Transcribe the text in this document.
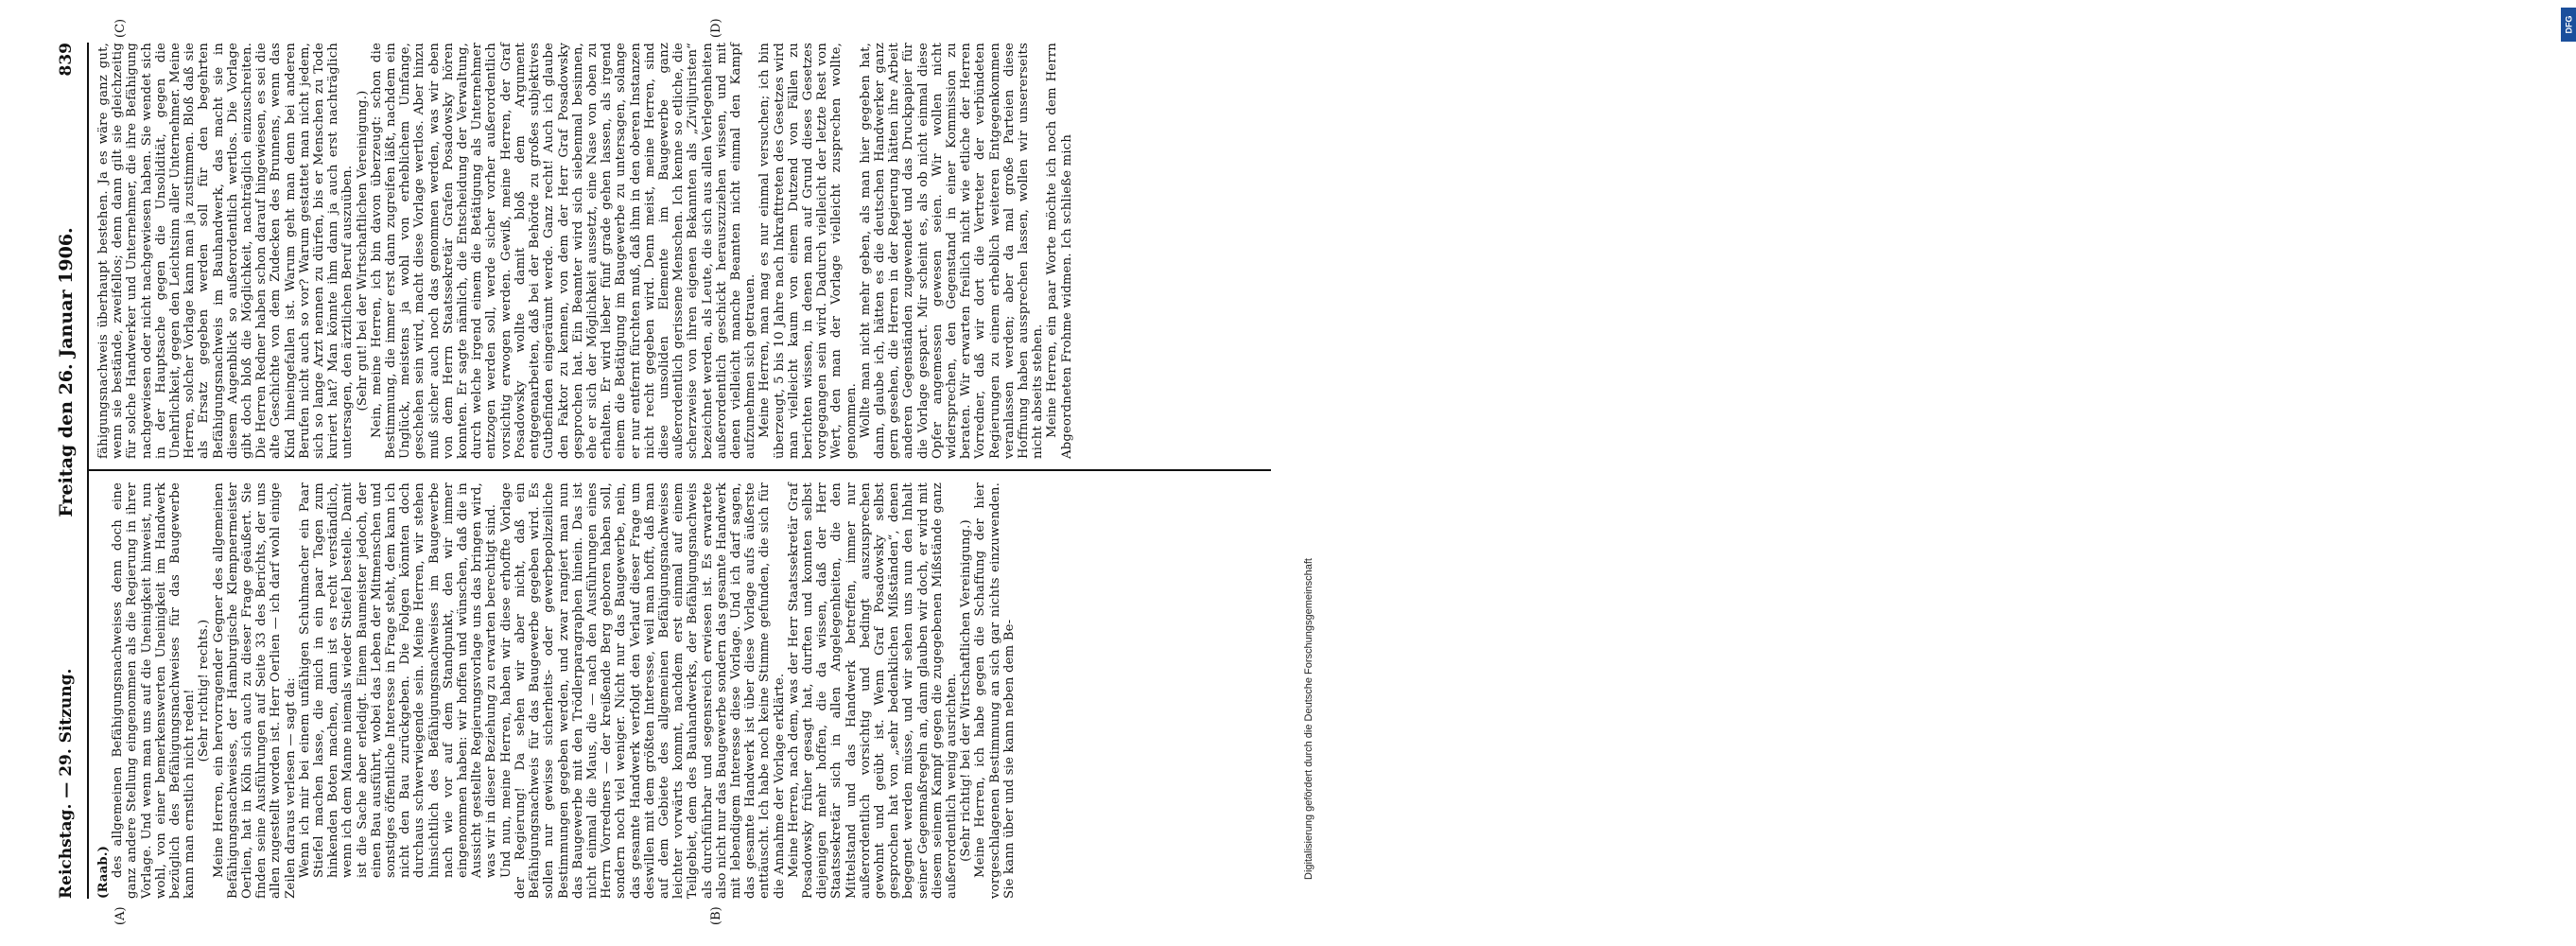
Reichstag. — 29. Sitzung.
Freitag den 26. Januar 1906.
839

(Raab.) des allgemeinen Befähigungsnachweises denn doch eine ganz andere Stellung eingenommen als die Regierung in ihrer Vorlage. Und wenn man uns auf die Uneinigkeit hinweist, nun wohl, von einer bemerkenswerten Uneinigkeit im Handwerk bezüglich des Befähigungsnachweises für das Baugewerbe kann man ernstlich nicht reden! (Sehr richtig! rechts.) Meine Herren, ein hervorragender Gegner des allgemeinen Befähigungsnachweises, der Hamburgische Klempnermeister Oerlien, hat in Köln sich auch zu dieser Frage geäußert. Sie finden seine Ausführungen auf Seite 33 des Berichts, der uns allen zugestellt worden ist. Herr Oerlien — ich darf wohl einige Zeilen daraus verlesen — sagt da: Wenn ich mir bei einem unfähigen Schuhmacher ein Paar Stiefel machen lasse, die mich in ein paar Tagen zum hinkenden Boten machen, dann ist es recht verständlich, wenn ich dem Manne niemals wieder Stiefel bestelle. Damit ist die Sache aber erledigt. Einem Baumeister jedoch, der einen Bau ausführt, wobei das Leben der Mitmenschen und sonstiges öffentliche Interesse in Frage steht, dem kann ich nicht den Bau zurückgeben. Die Folgen könnten doch durchaus schwerwiegende sein. Meine Herren, wir stehen hinsichtlich des Befähigungsnachweises im Baugewerbe nach wie vor auf dem Standpunkt, den wir immer eingenommen haben: wir hoffen und wünschen, daß die in Aussicht gestellte Regierungsvorlage uns das bringen wird, was wir in dieser Beziehung zu erwarten berechtigt sind. Und nun, meine Herren, haben wir diese erhoffte Vorlage der Regierung! Da sehen wir aber nicht, daß ein Befähigungsnachweis für das Baugewerbe gegeben wird. Es sollen nur gewisse sicherheits- oder gewerbepolizeiliche Bestimmungen gegeben werden, und zwar rangiert man nun das Baugewerbe mit den Trödlerparagraphen hinein. Das ist nicht einmal die Maus, die — nach den Ausführungen eines Herrn Vorredners — der kreißende Berg geboren haben soll, sondern noch viel weniger. Nicht nur das Baugewerbe, nein, das gesamte Handwerk verfolgt den Verlauf dieser Frage um deswillen mit dem größten Interesse, weil man hofft, daß man auf dem Gebiete des allgemeinen Befähigungsnachweises leichter vorwärts kommt, nachdem erst einmal auf einem Teilgebiet, dem des Bauhandwerks, der Befähigungsnachweis als durchführbar und segensreich erwiesen ist. Es erwartete also nicht nur das Baugewerbe sondern das gesamte Handwerk mit lebendigem Interesse diese Vorlage. Und ich darf sagen, das gesamte Handwerk ist über diese Vorlage aufs äußerste enttäuscht. Ich habe noch keine Stimme gefunden, die sich für die Annahme der Vorlage erklärte. Meine Herren, nach dem, was der Herr Staatssekretär Graf Posadowsky früher gesagt hat, durften und konnten selbst diejenigen mehr hoffen, die da wissen, daß der Herr Staatssekretär sich in allen Angelegenheiten, die den Mittelstand und das Handwerk betreffen, immer nur außerordentlich vorsichtig und bedingt auszusprechen gewohnt und geübt ist. Wenn Graf Posadowsky selbst gesprochen hat von „sehr bedenklichen Mißständen“, denen begegnet werden müsse, und wir sehen uns nun den Inhalt seiner Gegenmaßregeln an, dann glauben wir doch, er wird mit diesem seinem Kampf gegen die zugegebenen Mißstände ganz außerordentlich wenig ausrichten. (Sehr richtig! bei der Wirtschaftlichen Vereinigung.) Meine Herren, ich habe gegen die Schaffung der hier vorgeschlagenen Bestimmung an sich gar nichts einzuwenden. Sie kann über und sie kann neben dem Be-

fähigungsnachweis überhaupt bestehen. Ja es wäre ganz gut, wenn sie bestände, zweifellos; denn dann gilt sie gleichzeitig für solche Handwerker und Unternehmer, die ihre Befähigung nachgewiesen oder nicht nachgewiesen haben. Sie wendet sich in der Hauptsache gegen die Unsolidität, gegen die Unehrlichkeit, gegen den Leichtsinn aller Unternehmer. Meine Herren, solcher Vorlage kann man ja zustimmen. Bloß daß sie als Ersatz gegeben werden soll für den begehrten Befähigungsnachweis im Bauhandwerk, das macht sie in diesem Augenblick so außerordentlich wertlos. Die Vorlage gibt doch bloß die Möglichkeit, nachträglich einzuschreiten. Die Herren Redner haben schon darauf hingewiesen, es sei die alte Geschichte von dem Zudecken des Brunnens, wenn das Kind hineingefallen ist. Warum geht man denn bei anderen Berufen nicht auch so vor? Warum gestattet man nicht jedem, sich so lange Arzt nennen zu dürfen, bis er Menschen zu Tode kuriert hat? Man könnte ihm dann ja auch erst nachträglich untersagen, den ärztlichen Beruf auszuüben. (Sehr gut! bei der Wirtschaftlichen Vereinigung.) Nein, meine Herren, ich bin davon überzeugt: schon die Bestimmung, die immer erst dann zugreifen läßt, nachdem ein Unglück, meistens ja wohl von erheblichem Umfange, geschehen sein wird, macht diese Vorlage wertlos. Aber hinzu muß sicher auch noch das genommen werden, was wir eben von dem Herrn Staatssekretär Grafen Posadowsky hören konnten. Er sagte nämlich, die Entscheidung der Verwaltung, durch welche irgend einem die Betätigung als Unternehmer entzogen werden soll, werde sicher vorher außerordentlich vorsichtig erwogen werden. Gewiß, meine Herren, der Graf Posadowsky wollte damit bloß dem Argument entgegenarbeiten, daß bei der Behörde zu großes subjektives Gutbefinden eingeräumt werde. Ganz recht! Auch ich glaube den Faktor zu kennen, von dem der Herr Graf Posadowsky gesprochen hat. Ein Beamter wird sich siebenmal besinnen, ehe er sich der Möglichkeit aussetzt, eine Nase von oben zu erhalten. Er wird lieber fünf grade gehen lassen, als irgend einem die Betätigung im Baugewerbe zu untersagen, solange er nur entfernt fürchten muß, daß ihm in den oberen Instanzen nicht recht gegeben wird. Denn meist, meine Herren, sind diese unsoliden Elemente im Baugewerbe ganz außerordentlich gerissene Menschen. Ich kenne so etliche, die scherzweise von ihren eigenen Bekannten als „Ziviljuristen“ bezeichnet werden, als Leute, die sich aus allen Verlegenheiten außerordentlich geschickt herauszuziehen wissen, und mit denen vielleicht manche Beamten nicht einmal den Kampf aufzunehmen sich getrauen. Meine Herren, man mag es nur einmal versuchen; ich bin überzeugt, 5 bis 10 Jahre nach Inkrafttreten des Gesetzes wird man vielleicht kaum von einem Dutzend von Fällen zu berichten wissen, in denen man auf Grund dieses Gesetzes vorgegangen sein wird. Dadurch vielleicht der letzte Rest von Wert, den man der Vorlage vielleicht zusprechen wollte, genommen. Wollte man nicht mehr geben, als man hier gegeben hat, dann, glaube ich, hätten es die deutschen Handwerker ganz gern gesehen, die Herren in der Regierung hätten ihre Arbeit anderen Gegenständen zugewendet und das Druckpapier für die Vorlage gespart. Mir scheint es, als ob nicht einmal diese Opfer angemessen gewesen seien. Wir wollen nicht widersprechen, den Gegenstand in einer Kommission zu beraten. Wir erwarten freilich nicht wie etliche der Herren Vorredner, daß wir dort die Vertreter der verbündeten Regierungen zu einem erheblich weiteren Entgegenkommen veranlassen werden; aber da mal große Parteien diese Hoffnung haben aussprechen lassen, wollen wir unsererseits nicht abseits stehen. Meine Herren, ein paar Worte möchte ich noch dem Herrn Abgeordneten Frohme widmen. Ich schließe mich

(A)	(B)
(C)	(D)	DFG
Digitalisierung gefördert durch die Deutsche Forschungsgemeinschaft
